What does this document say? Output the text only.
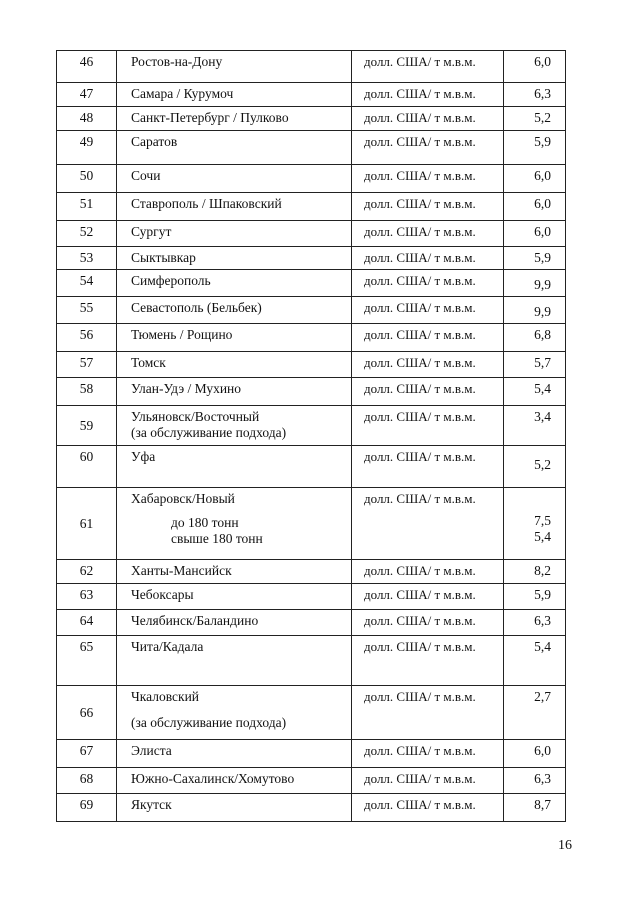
46	Ростов-на-Дону	долл. США/ т м.в.м.	6,0

47	Самара / Курумоч	долл. США/ т м.в.м.	6,3

48	Санкт-Петербург / Пулково	долл. США/ т м.в.м.	5,2

49	Саратов	долл. США/ т м.в.м.	5,9

50	Сочи	долл. США/ т м.в.м.	6,0

51	Ставрополь / Шпаковский	долл. США/ т м.в.м.	6,0

52	Сургут	долл. США/ т м.в.м.	6,0

53	Сыктывкар	долл. США/ т м.в.м.	5,9

54	Симферополь	долл. США/ т м.в.м.	9,9

55	Севастополь (Бельбек)	долл. США/ т м.в.м.	9,9

56	Тюмень / Рощино	долл. США/ т м.в.м.	6,8

57	Томск	долл. США/ т м.в.м.	5,7

58	Улан-Удэ / Мухино	долл. США/ т м.в.м.	5,4

59	Ульяновск/Восточный
(за обслуживание подхода)	долл. США/ т м.в.м.	3,4

60	Уфа	долл. США/ т м.в.м.	5,2

61	Хабаровск/Новый
до 180 тонн
свыше 180 тонн	долл. США/ т м.в.м.	7,5
5,4

62	Ханты-Мансийск	долл. США/ т м.в.м.	8,2

63	Чебоксары	долл. США/ т м.в.м.	5,9

64	Челябинск/Баландино	долл. США/ т м.в.м.	6,3

65	Чита/Кадала	долл. США/ т м.в.м.	5,4

66	Чкаловский
(за обслуживание подхода)	долл. США/ т м.в.м.	2,7

67	Элиста	долл. США/ т м.в.м.	6,0

68	Южно-Сахалинск/Хомутово	долл. США/ т м.в.м.	6,3

69	Якутск	долл. США/ т м.в.м.	8,7
16
